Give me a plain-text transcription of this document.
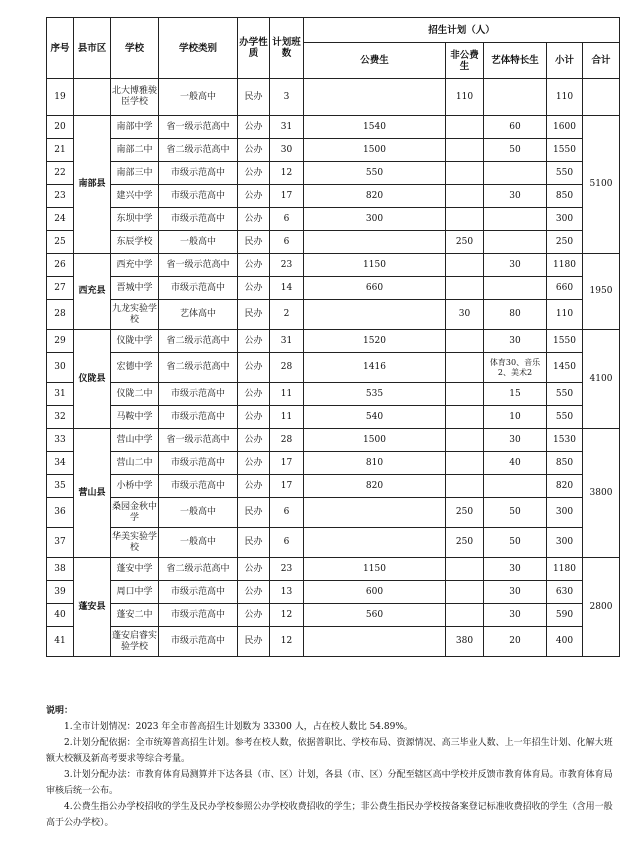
序号	县市区	学校	学校类别	办学性质	计划班数	招生计划（人）				
						公费生	非公费生	艺体特长生	小计	合计
19		北大博雅骏臣学校	一般高中	民办	3		110		110	
20	南部县	南部中学	省一级示范高中	公办	31	1540		60	1600	5100
21		南部二中	省二级示范高中	公办	30	1500		50	1550	
22		南部三中	市级示范高中	公办	12	550			550	
23		建兴中学	市级示范高中	公办	17	820		30	850	
24		东坝中学	市级示范高中	公办	6	300			300	
25		东辰学校	一般高中	民办	6		250		250	
26	西充县	西充中学	省一级示范高中	公办	23	1150		30	1180	1950
27		晋城中学	市级示范高中	公办	14	660			660	
28		九龙实验学校	艺体高中	民办	2		30	80	110	
29	仪陇县	仪陇中学	省二级示范高中	公办	31	1520		30	1550	4100
30		宏德中学	省二级示范高中	公办	28	1416		体育30、音乐2、美术2	1450	
31		仪陇二中	市级示范高中	公办	11	535		15	550	
32		马鞍中学	市级示范高中	公办	11	540		10	550	
33	营山县	营山中学	省一级示范高中	公办	28	1500		30	1530	3800
34		营山二中	市级示范高中	公办	17	810		40	850	
35		小桥中学	市级示范高中	公办	17	820			820	
36		桑园金秋中学	一般高中	民办	6		250	50	300	
37		华美实验学校	一般高中	民办	6		250	50	300	
38	蓬安县	蓬安中学	省二级示范高中	公办	23	1150		30	1180	2800
39		周口中学	市级示范高中	公办	13	600		30	630	
40		蓬安二中	市级示范高中	公办	12	560		30	590	
41		蓬安启睿实验学校	市级示范高中	民办	12		380	20	400	
说明：

1.全市计划情况：2023 年全市普高招生计划数为 33300 人，占在校人数比 54.89%。

2.计划分配依据：全市统筹普高招生计划。参考在校人数，依据普职比、学校布局、资源情况、高三毕业人数、上一年招生计划、化解大班额大校额及新高考要求等综合考量。

3.计划分配办法：市教育体育局测算并下达各县（市、区）计划，各县（市、区）分配至辖区高中学校并反馈市教育体育局。市教育体育局审核后统一公布。

4.公费生指公办学校招收的学生及民办学校参照公办学校收费招收的学生；非公费生指民办学校按备案登记标准收费招收的学生（含用一般高于公办学校）。
